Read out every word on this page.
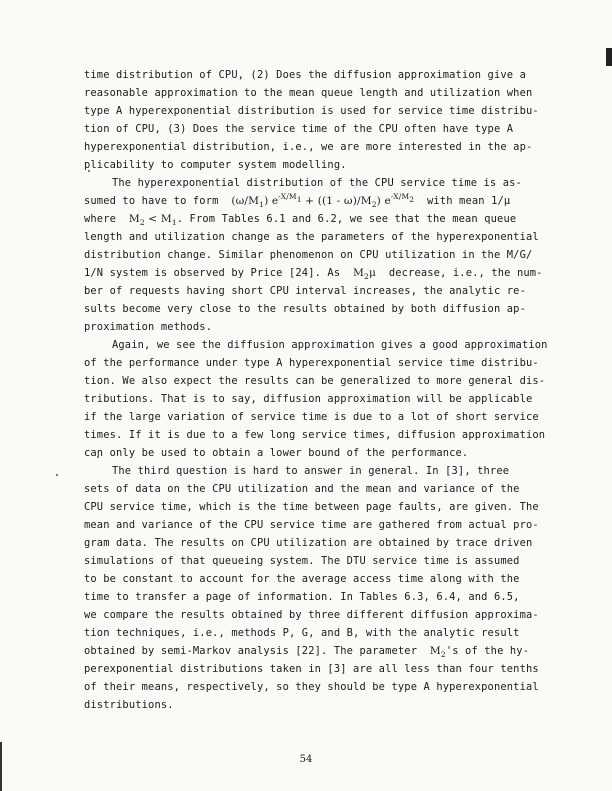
time distribution of CPU, (2) Does the diffusion approximation give a
reasonable approximation to the mean queue length and utilization when
type A hyperexponential distribution is used for service time distribu-
tion of CPU, (3) Does the service time of the CPU often have type A
hyperexponential distribution, i.e., we are more interested in the ap-
plicability to computer system modelling.
The hyperexponential distribution of the CPU service time is as-
sumed to have to form $(\omega/M_1) e^{-X/M_1} + ((1 - \omega)/M_2)$ $e^{-X/M_2}$ with mean 1/μ
where $M_2 < M_1$. From Tables 6.1 and 6.2, we see that the mean queue
length and utilization change as the parameters of the hyperexponential
distribution change. Similar phenomenon on CPU utilization in the M/G/
1/N system is observed by Price [24]. As $M_2\mu$ decrease, i.e., the num-
ber of requests having short CPU interval increases, the analytic re-
sults become very close to the results obtained by both diffusion ap-
proximation methods.
Again, we see the diffusion approximation gives a good approximation
of the performance under type A hyperexponential service time distribu-
tion. We also expect the results can be generalized to more general dis-
tributions. That is to say, diffusion approximation will be applicable
if the large variation of service time is due to a lot of short service
times. If it is due to a few long service times, diffusion approximation
can only be used to obtain a lower bound of the performance.
The third question is hard to answer in general. In [3], three
sets of data on the CPU utilization and the mean and variance of the
CPU service time, which is the time between page faults, are given. The
mean and variance of the CPU service time are gathered from actual pro-
gram data. The results on CPU utilization are obtained by trace driven
simulations of that queueing system. The DTU service time is assumed
to be constant to account for the average access time along with the
time to transfer a page of information. In Tables 6.3, 6.4, and 6.5,
we compare the results obtained by three different diffusion approxima-
tion techniques, i.e., methods P, G, and B, with the analytic result
obtained by semi-Markov analysis [22]. The parameter $M_2's$ of the hy-
perexponential distributions taken in [3] are all less than four tenths
of their means, respectively, so they should be type A hyperexponential
distributions.
54
